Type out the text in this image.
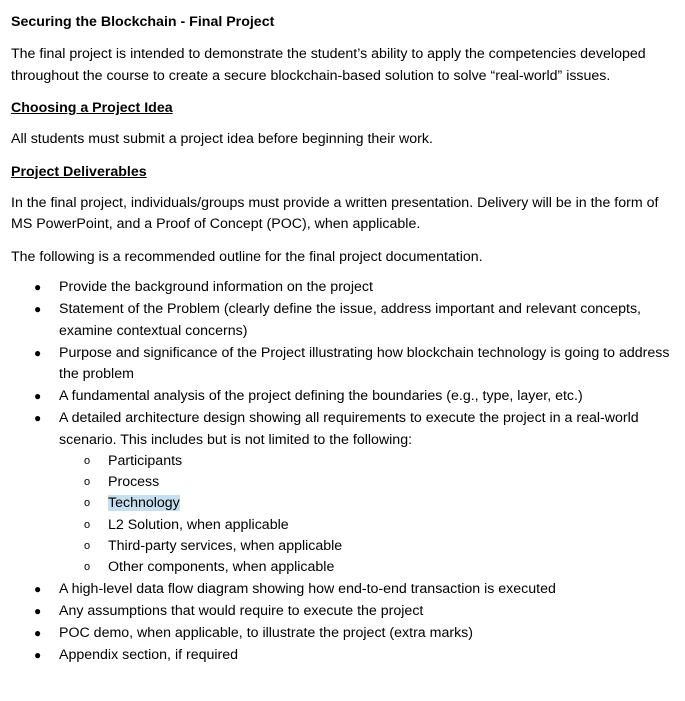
Securing the Blockchain - Final Project

The final project is intended to demonstrate the student’s ability to apply the competencies developed throughout the course to create a secure blockchain-based solution to solve “real-world” issues.

Choosing a Project Idea

All students must submit a project idea before beginning their work.

Project Deliverables

In the final project, individuals/groups must provide a written presentation. Delivery will be in the form of MS PowerPoint, and a Proof of Concept (POC), when applicable.

The following is a recommended outline for the final project documentation.

● Provide the background information on the project
● Statement of the Problem (clearly define the issue, address important and relevant concepts, examine contextual concerns)
● Purpose and significance of the Project illustrating how blockchain technology is going to address the problem
● A fundamental analysis of the project defining the boundaries (e.g., type, layer, etc.)
● A detailed architecture design showing all requirements to execute the project in a real-world scenario. This includes but is not limited to the following:
o Participants
o Process
o Technology
o L2 Solution, when applicable
o Third-party services, when applicable
o Other components, when applicable
● A high-level data flow diagram showing how end-to-end transaction is executed
● Any assumptions that would require to execute the project
● POC demo, when applicable, to illustrate the project (extra marks)
● Appendix section, if required
